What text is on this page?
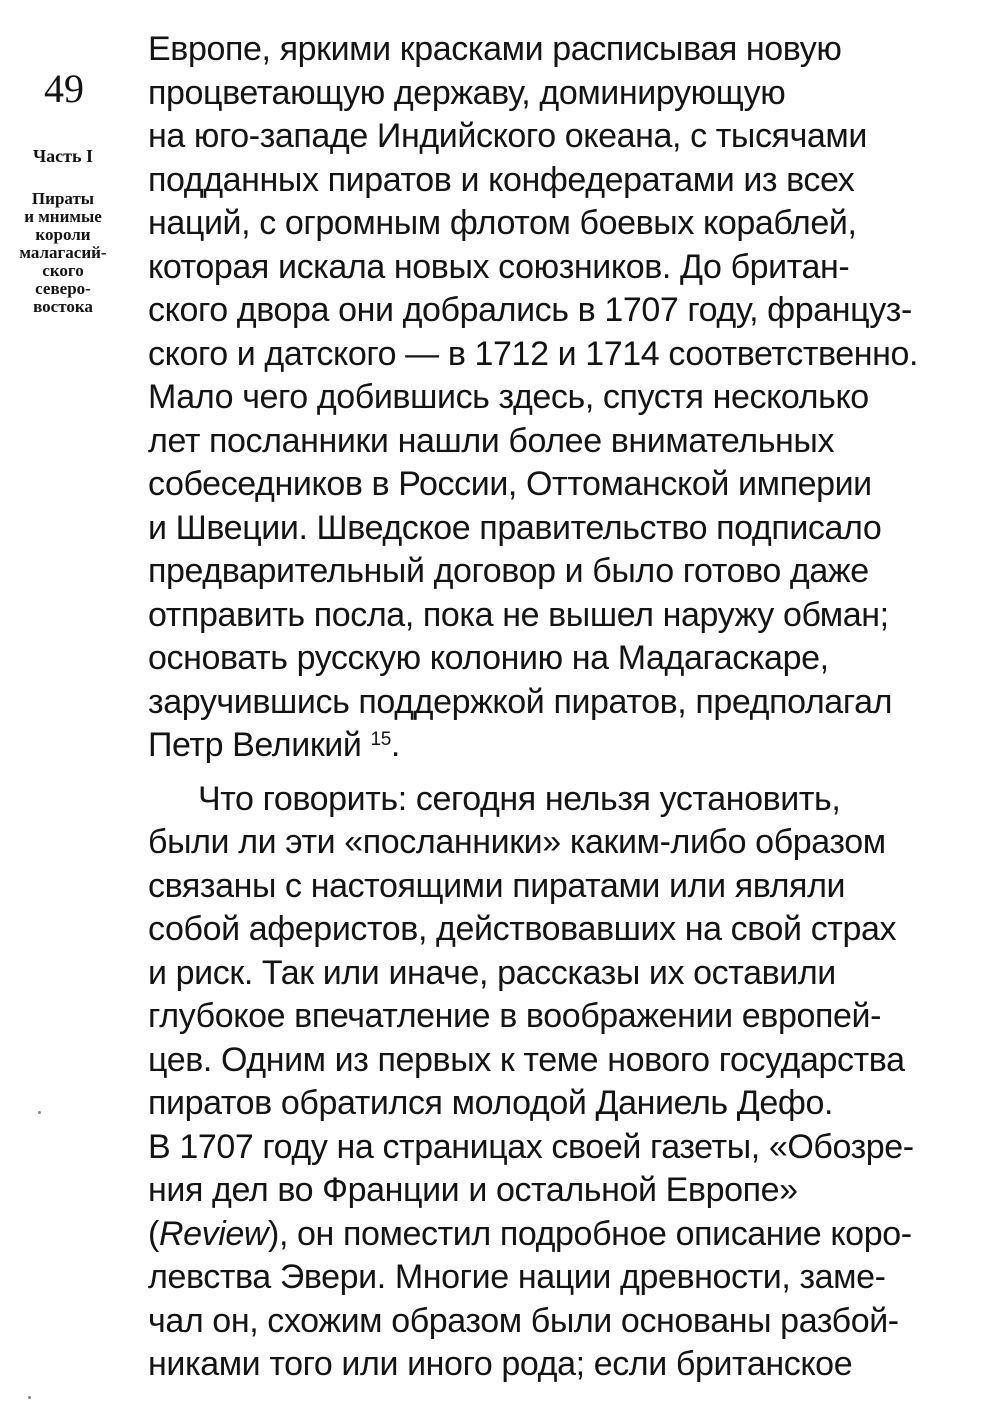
49
Часть I
Пираты
и мнимые
короли
малагасий-
ского
северо-
востока
Европе, яркими красками расписывая новую
процветающую державу, доминирующую
на юго-западе Индийского океана, с тысячами
подданных пиратов и конфедератами из всех
наций, с огромным флотом боевых кораблей,
которая искала новых союзников. До британ-
ского двора они добрались в 1707 году, француз-
ского и датского — в 1712 и 1714 соответственно.
Мало чего добившись здесь, спустя несколько
лет посланники нашли более внимательных
собеседников в России, Оттоманской империи
и Швеции. Шведское правительство подписало
предварительный договор и было готово даже
отправить посла, пока не вышел наружу обман;
основать русскую колонию на Мадагаскаре,
заручившись поддержкой пиратов, предполагал
Петр Великий $^{15}$.
Что говорить: сегодня нельзя установить,
были ли эти «посланники» каким-либо образом
связаны с настоящими пиратами или являли
собой аферистов, действовавших на свой страх
и риск. Так или иначе, рассказы их оставили
глубокое впечатление в воображении европей-
цев. Одним из первых к теме нового государства
пиратов обратился молодой Даниель Дефо.
В 1707 году на страницах своей газеты, «Обозре-
ния дел во Франции и остальной Европе»
(Review), он поместил подробное описание коро-
левства Эвери. Многие нации древности, заме-
чал он, схожим образом были основаны разбой-
никами того или иного рода; если британское
